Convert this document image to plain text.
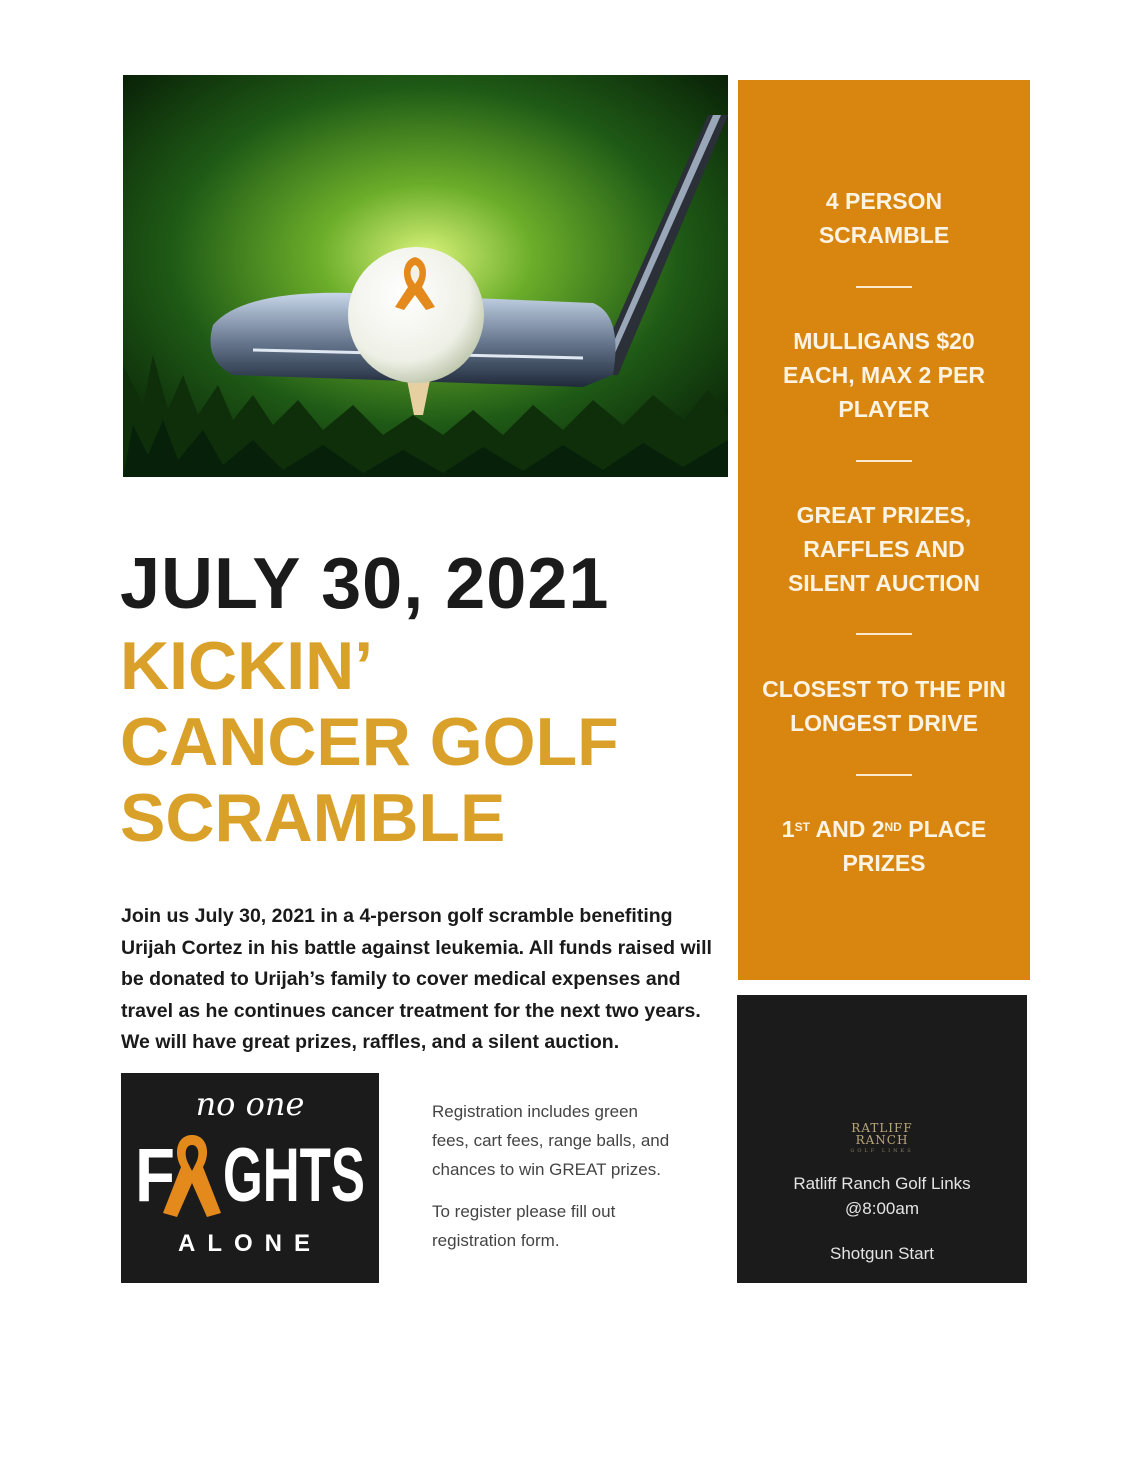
4 PERSON
SCRAMBLE
MULLIGANS $20
EACH, MAX 2 PER
PLAYER
GREAT PRIZES,
RAFFLES AND
SILENT AUCTION
CLOSEST TO THE PIN
LONGEST DRIVE
1ST AND 2ND PLACE
PRIZES
JULY 30, 2021
KICKIN’
CANCER GOLF
SCRAMBLE
Join us July 30, 2021 in a 4-person golf scramble benefiting
Urijah Cortez in his battle against leukemia. All funds raised will
be donated to Urijah’s family to cover medical expenses and
travel as he continues cancer treatment for the next two years.
We will have great prizes, raffles, and a silent auction.
no one
F GHTS
ALONE
Registration includes green
fees, cart fees, range balls, and
chances to win GREAT prizes.
To register please fill out
registration form.
RATLIFF
RANCH
GOLF LINKS
Ratliff Ranch Golf Links
@8:00am
Shotgun Start
